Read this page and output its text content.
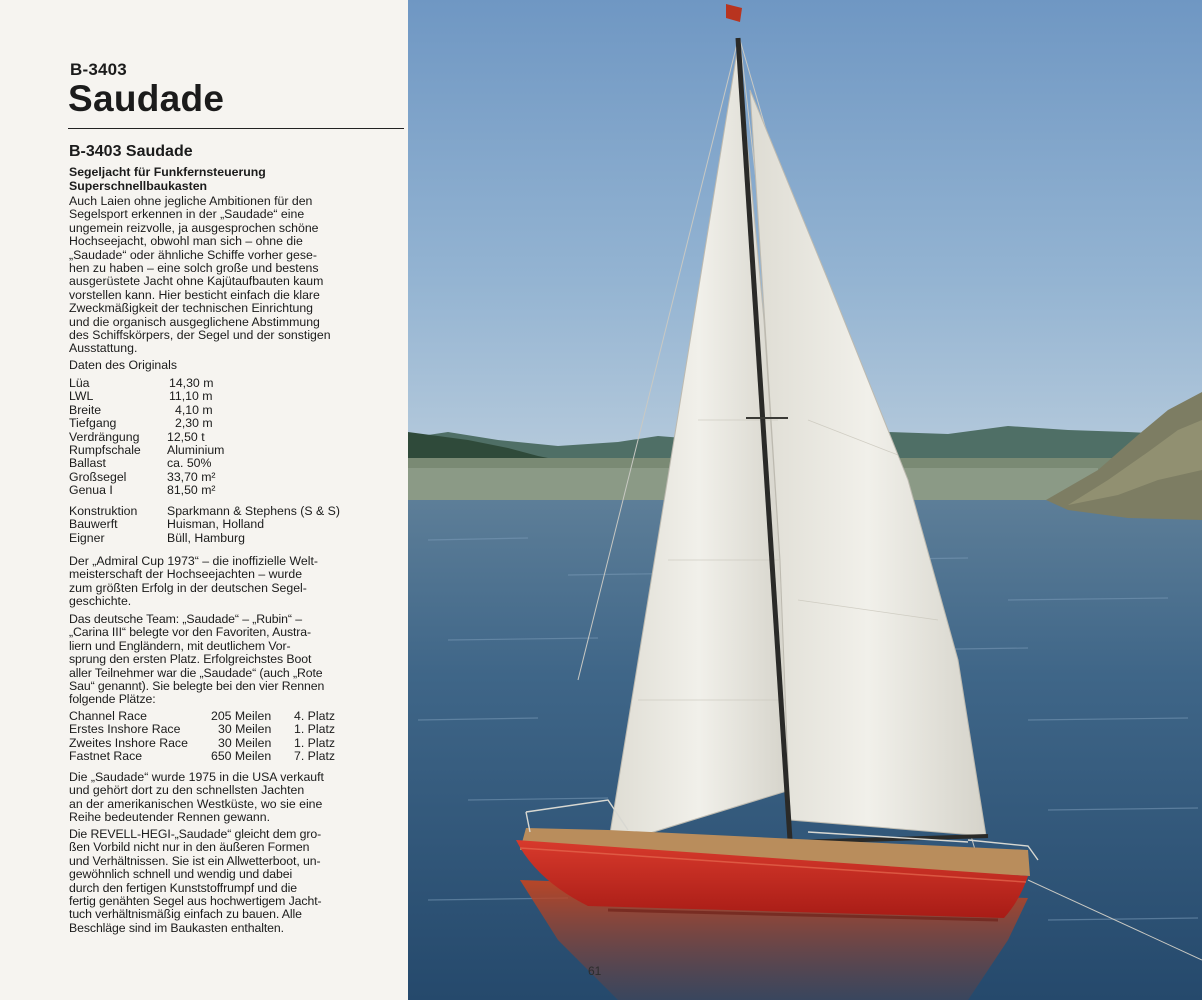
B-3403
Saudade
B-3403 Saudade
Segeljacht für Funkfernsteuerung
Superschnellbaukasten
Auch Laien ohne jegliche Ambitionen für den
Segelsport erkennen in der „Saudade“ eine
ungemein reizvolle, ja ausgesprochen schöne
Hochseejacht, obwohl man sich – ohne die
„Saudade“ oder ähnliche Schiffe vorher gese-
hen zu haben – eine solch große und bestens
ausgerüstete Jacht ohne Kajütaufbauten kaum
vorstellen kann. Hier besticht einfach die klare
Zweckmäßigkeit der technischen Einrichtung
und die organisch ausgeglichene Abstimmung
des Schiffskörpers, der Segel und der sonstigen
Ausstattung.
Daten des Originals
Lüa	14,30 m
LWL	11,10 m
Breite	4,10 m
Tiefgang	2,30 m
Verdrängung 12,50 t
Rumpfschale Aluminium
Ballast	ca. 50%
Großsegel	33,70 m²
Genua I	81,50 m²
Konstruktion Sparkmann & Stephens (S & S)
Bauwerft	Huisman, Holland
Eigner	Büll, Hamburg
Der „Admiral Cup 1973“ – die inoffizielle Welt-
meisterschaft der Hochseejachten – wurde
zum größten Erfolg in der deutschen Segel-
geschichte.
Das deutsche Team: „Saudade“ – „Rubin“ –
„Carina III“ belegte vor den Favoriten, Austra-
liern und Engländern, mit deutlichem Vor-
sprung den ersten Platz. Erfolgreichstes Boot
aller Teilnehmer war die „Saudade“ (auch „Rote
Sau“ genannt). Sie belegte bei den vier Rennen
folgende Plätze:
Channel Race	205 Meilen 4. Platz
Erstes Inshore Race	30 Meilen 1. Platz
Zweites Inshore Race 30 Meilen 1. Platz
Fastnet Race	650 Meilen 7. Platz
Die „Saudade“ wurde 1975 in die USA verkauft
und gehört dort zu den schnellsten Jachten
an der amerikanischen Westküste, wo sie eine
Reihe bedeutender Rennen gewann.
Die REVELL-HEGI-„Saudade“ gleicht dem gro-
ßen Vorbild nicht nur in den äußeren Formen
und Verhältnissen. Sie ist ein Allwetterboot, un-
gewöhnlich schnell und wendig und dabei
durch den fertigen Kunststoffrumpf und die
fertig genähten Segel aus hochwertigem Jacht-
tuch verhältnismäßig einfach zu bauen. Alle
Beschläge sind im Baukasten enthalten.
61
